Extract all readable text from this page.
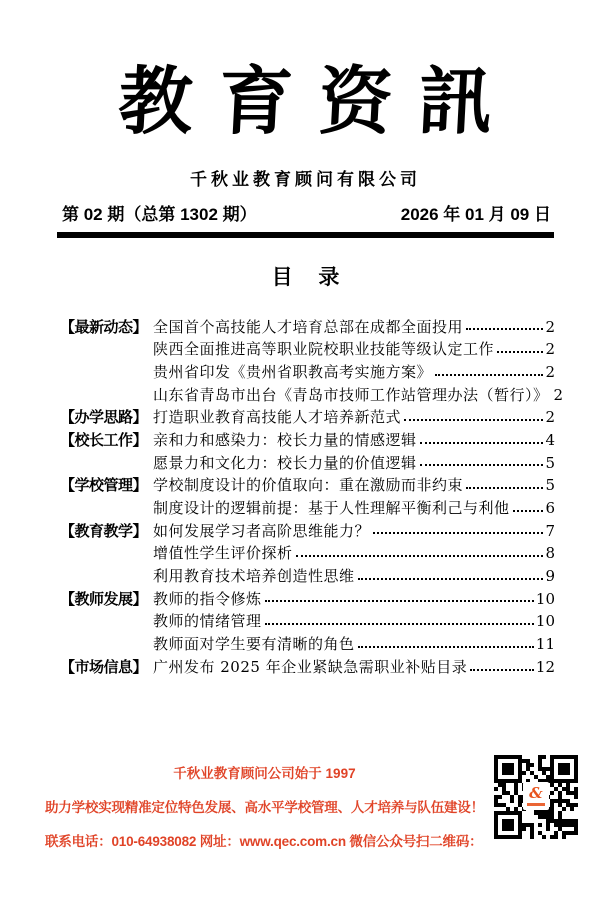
教育资訊
千秋业教育顾问有限公司
第 02 期（总第 1302 期）	2026 年 01 月 09 日
目 录
【最新动态】 全国首个高技能人才培育总部在成都全面投用	2
陕西全面推进高等职业院校职业技能等级认定工作	2
贵州省印发《贵州省职教高考实施方案》	2
山东省青岛市出台《青岛市技师工作站管理办法（暂行）》 2
【办学思路】 打造职业教育高技能人才培养新范式	2
【校长工作】 亲和力和感染力：校长力量的情感逻辑	4
愿景力和文化力：校长力量的价值逻辑	5
【学校管理】 学校制度设计的价值取向：重在激励而非约束	5
制度设计的逻辑前提：基于人性理解平衡利己与利他 6
【教育教学】 如何发展学习者高阶思维能力？	7
增值性学生评价探析	8
利用教育技术培养创造性思维	9
【教师发展】 教师的指令修炼	10
教师的情绪管理	10
教师面对学生要有清晰的角色	11
【市场信息】 广州发布 2025 年企业紧缺急需职业补贴目录	12
千秋业教育顾问公司始于 1997
助力学校实现精准定位特色发展、高水平学校管理、人才培养与队伍建设！
联系电话：010-64938082 网址：www.qec.com.cn 微信公众号扫二维码：
&
